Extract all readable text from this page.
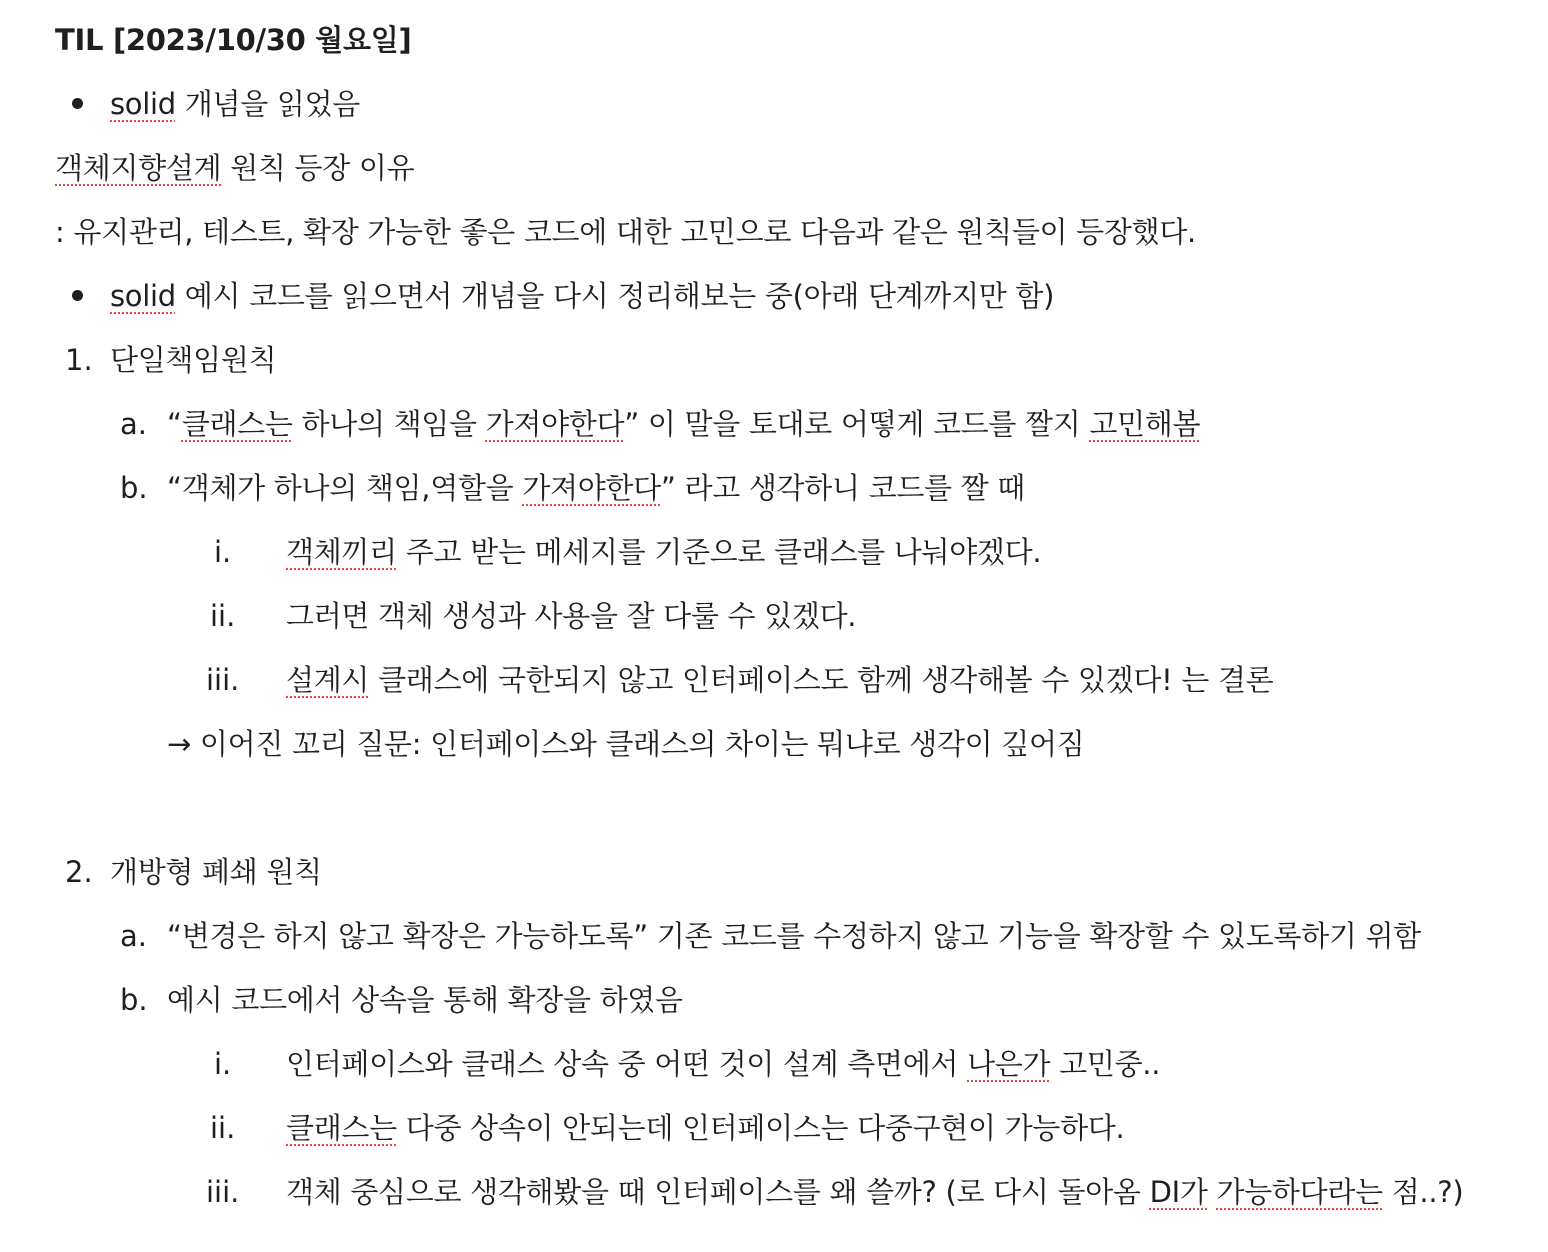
TIL [2023/10/30 월요일]
solid 개념을 읽었음
객체지향설계 원칙 등장 이유
: 유지관리, 테스트, 확장 가능한 좋은 코드에 대한 고민으로 다음과 같은 원칙들이 등장했다.
solid 예시 코드를 읽으면서 개념을 다시 정리해보는 중(아래 단계까지만 함)
1. 단일책임원칙
a. “클래스는 하나의 책임을 가져야한다” 이 말을 토대로 어떻게 코드를 짤지 고민해봄
b. “객체가 하나의 책임,역할을 가져야한다” 라고 생각하니 코드를 짤 때
i. 객체끼리 주고 받는 메세지를 기준으로 클래스를 나눠야겠다.
ii. 그러면 객체 생성과 사용을 잘 다룰 수 있겠다.
iii. 설계시 클래스에 국한되지 않고 인터페이스도 함께 생각해볼 수 있겠다! 는 결론
→ 이어진 꼬리 질문: 인터페이스와 클래스의 차이는 뭐냐로 생각이 깊어짐
2. 개방형 폐쇄 원칙
a. “변경은 하지 않고 확장은 가능하도록” 기존 코드를 수정하지 않고 기능을 확장할 수 있도록하기 위함
b. 예시 코드에서 상속을 통해 확장을 하였음
i. 인터페이스와 클래스 상속 중 어떤 것이 설계 측면에서 나은가 고민중..
ii. 클래스는 다중 상속이 안되는데 인터페이스는 다중구현이 가능하다.
iii. 객체 중심으로 생각해봤을 때 인터페이스를 왜 쓸까? (로 다시 돌아옴 DI가 가능하다라는 점..?)
